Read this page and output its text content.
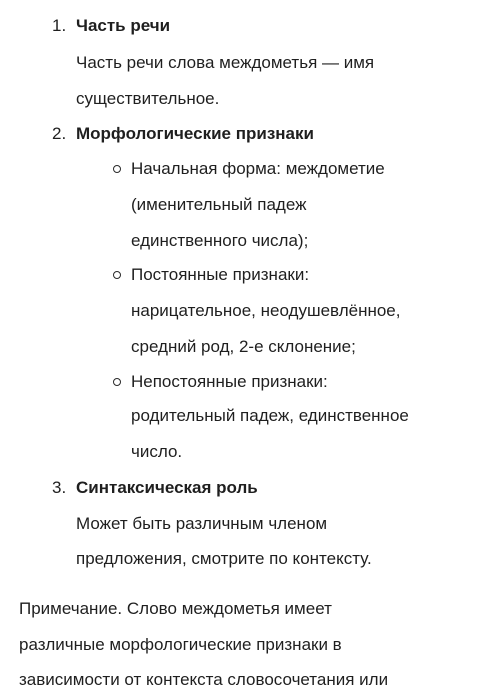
1. Часть речи
Часть речи слова междометья — имя
существительное.
2. Морфологические признаки
Начальная форма: междометие
(именительный падеж
единственного числа);
Постоянные признаки:
нарицательное, неодушевлённое,
средний род, 2-е склонение;
Непостоянные признаки:
родительный падеж, единственное
число.
3. Синтаксическая роль
Может быть различным членом
предложения, смотрите по контексту.
Примечание. Слово междометья имеет
различные морфологические признаки в
зависимости от контекста словосочетания или
